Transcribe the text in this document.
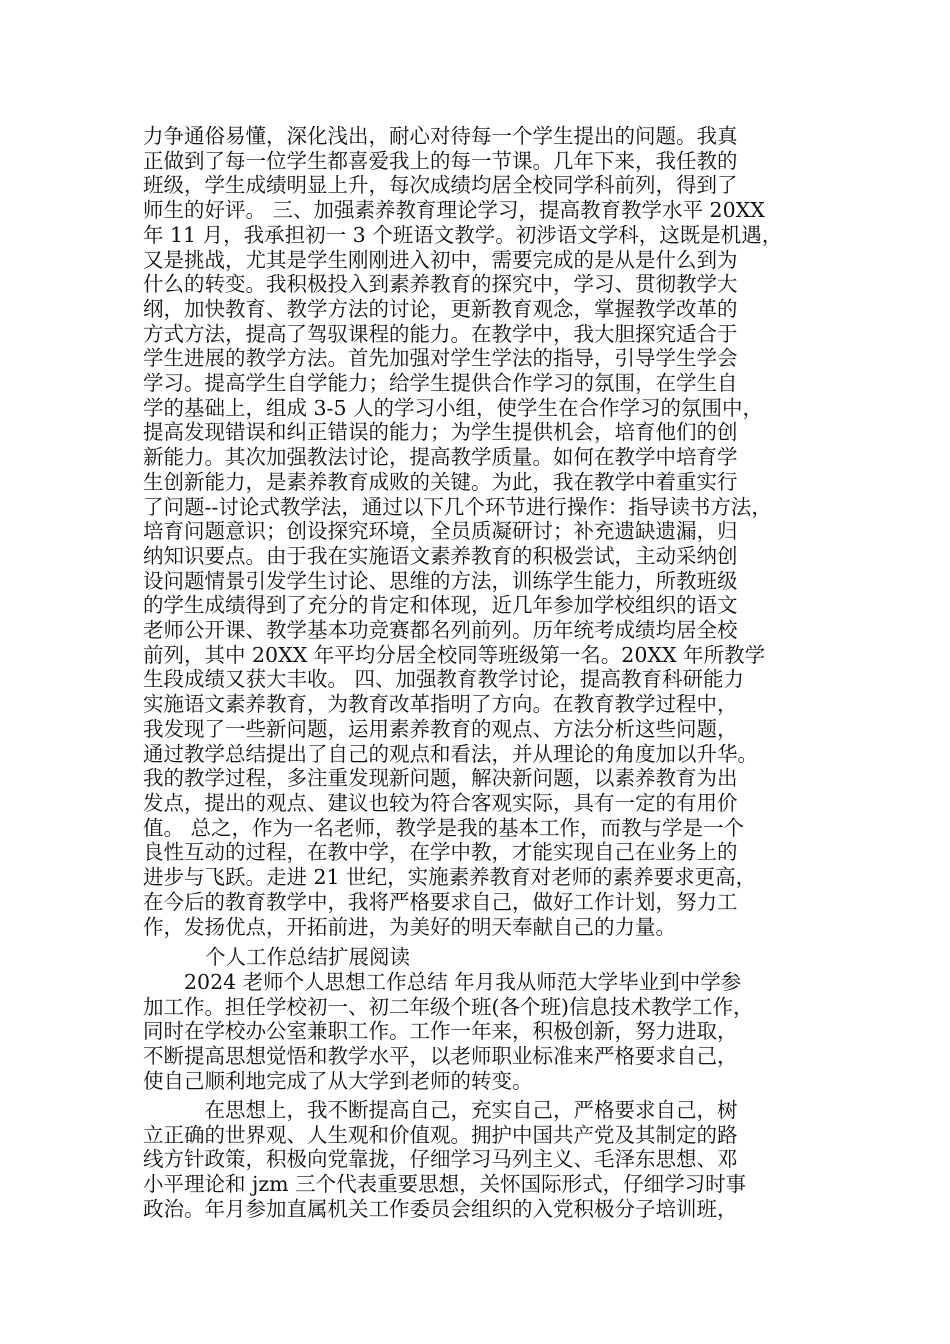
力争通俗易懂，深化浅出，耐心对待每一个学生提出的问题。我真
正做到了每一位学生都喜爱我上的每一节课。几年下来，我任教的
班级，学生成绩明显上升，每次成绩均居全校同学科前列，得到了
师生的好评。 三、加强素养教育理论学习，提高教育教学水平 20XX
年 11 月，我承担初一 3 个班语文教学。初涉语文学科，这既是机遇，
又是挑战，尤其是学生刚刚进入初中，需要完成的是从是什么到为
什么的转变。我积极投入到素养教育的探究中，学习、贯彻教学大
纲，加快教育、教学方法的讨论，更新教育观念，掌握教学改革的
方式方法，提高了驾驭课程的能力。在教学中，我大胆探究适合于
学生进展的教学方法。首先加强对学生学法的指导，引导学生学会
学习。提高学生自学能力；给学生提供合作学习的氛围，在学生自
学的基础上，组成 3-5 人的学习小组，使学生在合作学习的氛围中，
提高发现错误和纠正错误的能力；为学生提供机会，培育他们的创
新能力。其次加强教法讨论，提高教学质量。如何在教学中培育学
生创新能力，是素养教育成败的关键。为此，我在教学中着重实行
了问题--讨论式教学法，通过以下几个环节进行操作：指导读书方法，
培育问题意识；创设探究环境，全员质凝研讨；补充遗缺遗漏，归
纳知识要点。由于我在实施语文素养教育的积极尝试，主动采纳创
设问题情景引发学生讨论、思维的方法，训练学生能力，所教班级
的学生成绩得到了充分的肯定和体现，近几年参加学校组织的语文
老师公开课、教学基本功竞赛都名列前列。历年统考成绩均居全校
前列，其中 20XX 年平均分居全校同等班级第一名。20XX 年所教学
生段成绩又获大丰收。 四、加强教育教学讨论，提高教育科研能力
实施语文素养教育，为教育改革指明了方向。在教育教学过程中，
我发现了一些新问题，运用素养教育的观点、方法分析这些问题，
通过教学总结提出了自己的观点和看法，并从理论的角度加以升华。
我的教学过程，多注重发现新问题，解决新问题，以素养教育为出
发点，提出的观点、建议也较为符合客观实际，具有一定的有用价
值。 总之，作为一名老师，教学是我的基本工作，而教与学是一个
良性互动的过程，在教中学，在学中教，才能实现自己在业务上的
进步与飞跃。走进 21 世纪，实施素养教育对老师的素养要求更高，
在今后的教育教学中，我将严格要求自己，做好工作计划，努力工
作，发扬优点，开拓前进，为美好的明天奉献自己的力量。
个人工作总结扩展阅读
　　2024 老师个人思想工作总结 年月我从师范大学毕业到中学参
加工作。担任学校初一、初二年级个班(各个班)信息技术教学工作，
同时在学校办公室兼职工作。工作一年来，积极创新，努力进取，
不断提高思想觉悟和教学水平，以老师职业标准来严格要求自己，
使自己顺利地完成了从大学到老师的转变。
　　　在思想上，我不断提高自己，充实自己，严格要求自己，树
立正确的世界观、人生观和价值观。拥护中国共产党及其制定的路
线方针政策，积极向党靠拢，仔细学习马列主义、毛泽东思想、邓
小平理论和 jzm 三个代表重要思想，关怀国际形式，仔细学习时事
政治。年月参加直属机关工作委员会组织的入党积极分子培训班，
